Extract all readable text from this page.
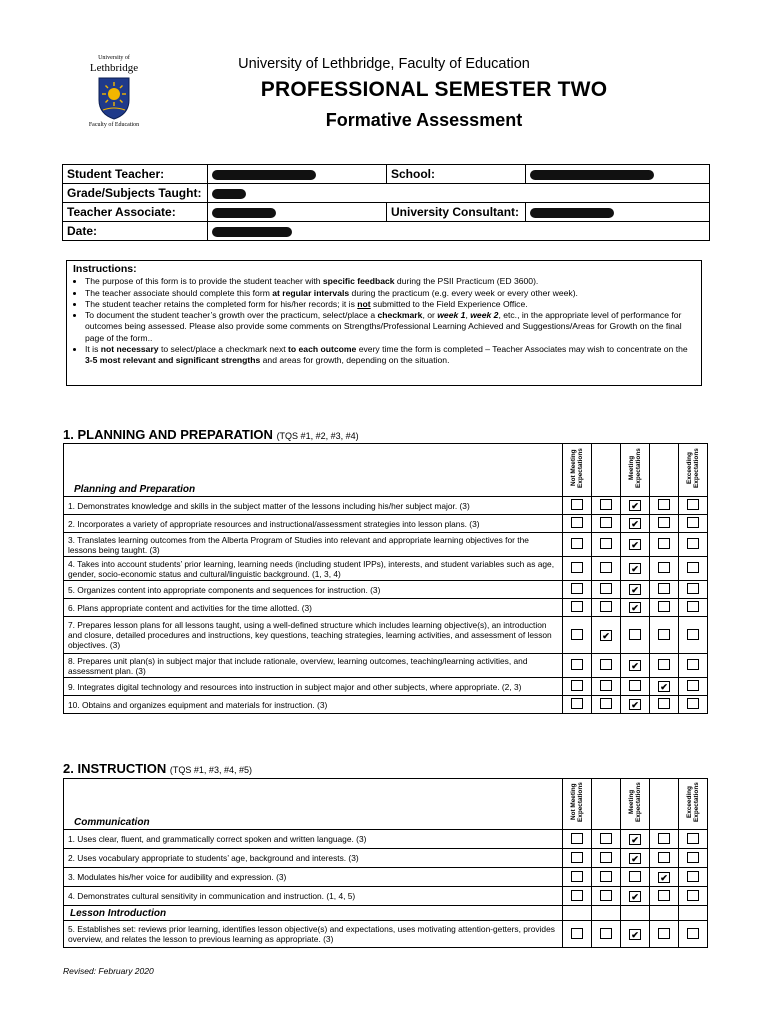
University of
Lethbridge
Faculty of Education
University of Lethbridge, Faculty of Education
PROFESSIONAL SEMESTER TWO
Formative Assessment
Student Teacher:		School:	
Grade/Subjects Taught:			
Teacher Associate:		University Consultant:	
Date:			
Instructions:
• The purpose of this form is to provide the student teacher with specific feedback during the PSII Practicum (ED 3600).
• The teacher associate should complete this form at regular intervals during the practicum (e.g. every week or every other week).
• The student teacher retains the completed form for his/her records; it is not submitted to the Field Experience Office.
• To document the student teacher’s growth over the practicum, select/place a checkmark, or week 1, week 2, etc., in the appropriate level of performance for outcomes being assessed. Please also provide some comments on Strengths/Professional Learning Achieved and Suggestions/Areas for Growth on the final page of the form..
• It is not necessary to select/place a checkmark next to each outcome every time the form is completed – Teacher Associates may wish to concentrate on the 3-5 most relevant and significant strengths and areas for growth, depending on the situation.
1. PLANNING AND PREPARATION (TQS #1, #2, #3, #4)
Planning and Preparation	Not Meeting Expectations		Meeting Expectations		Exceeding Expectations

1. Demonstrates knowledge and skills in the subject matter of the lessons including his/her subject major. (3)			✔		
2. Incorporates a variety of appropriate resources and instructional/assessment strategies into lesson plans. (3)			✔		
3. Translates learning outcomes from the Alberta Program of Studies into relevant and appropriate learning objectives for the lessons being taught. (3)			✔		
4. Takes into account students’ prior learning, learning needs (including student IPPs), interests, and student variables such as age, gender, socio-economic status and cultural/linguistic background. (1, 3, 4)			✔		
5. Organizes content into appropriate components and sequences for instruction. (3)			✔		
6. Plans appropriate content and activities for the time allotted. (3)			✔		
7. Prepares lesson plans for all lessons taught, using a well-defined structure which includes learning objective(s), an introduction and closure, detailed procedures and instructions, key questions, teaching strategies, learning activities, and assessment of lesson objectives. (3)		✔			
8. Prepares unit plan(s) in subject major that include rationale, overview, learning outcomes, teaching/learning activities, and assessment plan. (3)			✔		
9. Integrates digital technology and resources into instruction in subject major and other subjects, where appropriate. (2, 3)				✔	
10. Obtains and organizes equipment and materials for instruction. (3)			✔		
2. INSTRUCTION (TQS #1, #3, #4, #5)
Communication	Not Meeting Expectations		Meeting Expectations		Exceeding Expectations

1. Uses clear, fluent, and grammatically correct spoken and written language. (3)			✔		
2. Uses vocabulary appropriate to students’ age, background and interests. (3)			✔		
3. Modulates his/her voice for audibility and expression. (3)				✔	
4. Demonstrates cultural sensitivity in communication and instruction. (1, 4, 5)			✔		
Lesson Introduction					
5. Establishes set: reviews prior learning, identifies lesson objective(s) and expectations, uses motivating attention-getters, provides overview, and relates the lesson to previous learning as appropriate. (3)			✔		
Revised: February 2020
